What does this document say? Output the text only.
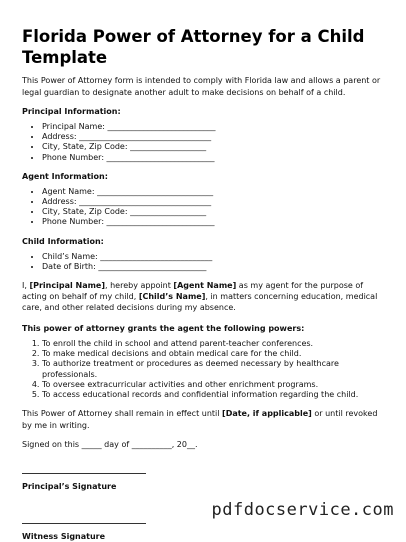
Florida Power of Attorney for a Child Template
This Power of Attorney form is intended to comply with Florida law and allows a parent or legal guardian to designate another adult to make decisions on behalf of a child.
Principal Information:
• Principal Name: ___________________________
• Address: _________________________________
• City, State, Zip Code: ___________________
• Phone Number: ___________________________
Agent Information:
• Agent Name: _____________________________
• Address: _________________________________
• City, State, Zip Code: ___________________
• Phone Number: ___________________________
Child Information:
• Child’s Name: ____________________________
• Date of Birth: ___________________________
I, [Principal Name], hereby appoint [Agent Name] as my agent for the purpose of acting on behalf of my child, [Child’s Name], in matters concerning education, medical care, and other related decisions during my absence.
This power of attorney grants the agent the following powers:
1. To enroll the child in school and attend parent-teacher conferences.
2. To make medical decisions and obtain medical care for the child.
3. To authorize treatment or procedures as deemed necessary by healthcare professionals.
4. To oversee extracurricular activities and other enrichment programs.
5. To access educational records and confidential information regarding the child.
This Power of Attorney shall remain in effect until [Date, if applicable] or until revoked by me in writing.
Signed on this _____ day of __________, 20__.
Principal’s Signature
Witness Signature
pdfdocservice.com
